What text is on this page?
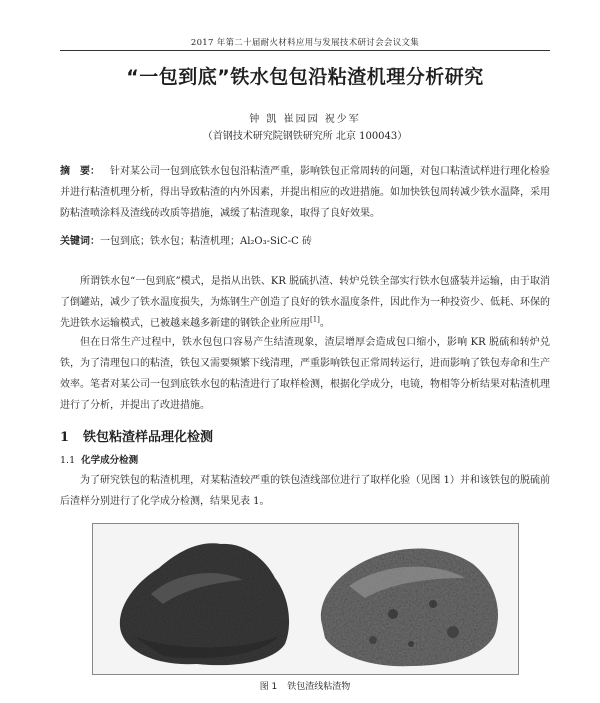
2017 年第二十届耐火材料应用与发展技术研讨会会议文集
“一包到底”铁水包包沿粘渣机理分析研究
钟 凯 崔园园 祝少军
（首钢技术研究院钢铁研究所 北京 100043）
摘　要： 针对某公司一包到底铁水包包沿粘渣严重，影响铁包正常周转的问题，对包口粘渣试样进行理化检验并进行粘渣机理分析，得出导致粘渣的内外因素，并提出相应的改进措施。如加快铁包周转减少铁水温降，采用防粘渣喷涂料及渣线砖改质等措施，减缓了粘渣现象，取得了良好效果。
关键词：一包到底；铁水包；粘渣机理；Al₂O₃-SiC-C 砖
所谓铁水包“一包到底”模式，是指从出铁、KR 脱硫扒渣、转炉兑铁全部实行铁水包盛装并运输，由于取消了倒罐站，减少了铁水温度损失，为炼钢生产创造了良好的铁水温度条件，因此作为一种投资少、低耗、环保的先进铁水运输模式，已被越来越多新建的钢铁企业所应用[1]。
但在日常生产过程中，铁水包包口容易产生结渣现象，渣层增厚会造成包口缩小，影响 KR 脱硫和转炉兑铁，为了清理包口的粘渣，铁包又需要频繁下线清理，严重影响铁包正常周转运行，进而影响了铁包寿命和生产效率。笔者对某公司一包到底铁水包的粘渣进行了取样检测，根据化学成分，电镜，物相等分析结果对粘渣机理进行了分析，并提出了改进措施。
1 铁包粘渣样品理化检测
1.1 化学成分检测
为了研究铁包的粘渣机理，对某粘渣较严重的铁包渣线部位进行了取样化验（见图 1）并和该铁包的脱硫前后渣样分别进行了化学成分检测，结果见表 1。
图 1 铁包渣线粘渣物
